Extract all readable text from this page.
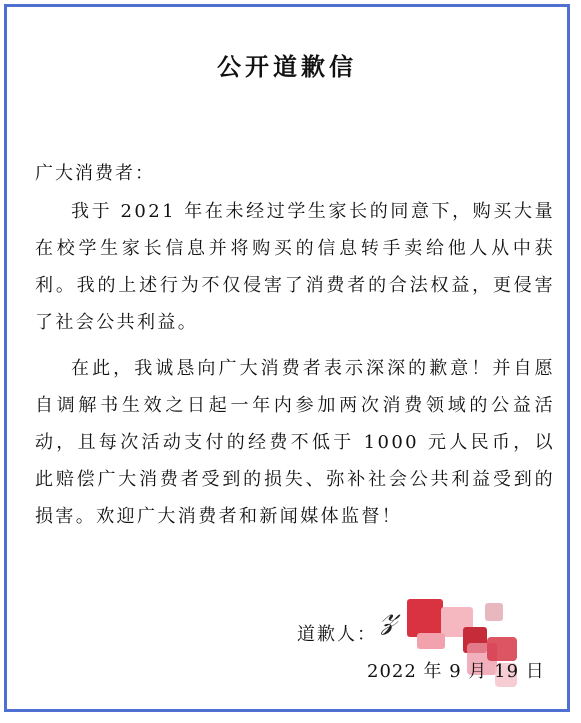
公开道歉信
广大消费者：

我于 2021 年在未经过学生家长的同意下，购买大量在校学生家长信息并将购买的信息转手卖给他人从中获利。我的上述行为不仅侵害了消费者的合法权益，更侵害了社会公共利益。

在此，我诚恳向广大消费者表示深深的歉意！并自愿自调解书生效之日起一年内参加两次消费领域的公益活动，且每次活动支付的经费不低于 1000 元人民币，以此赔偿广大消费者受到的损失、弥补社会公共利益受到的损害。欢迎广大消费者和新闻媒体监督！

道歉人： 𝓏
2022 年 9 月 19 日
